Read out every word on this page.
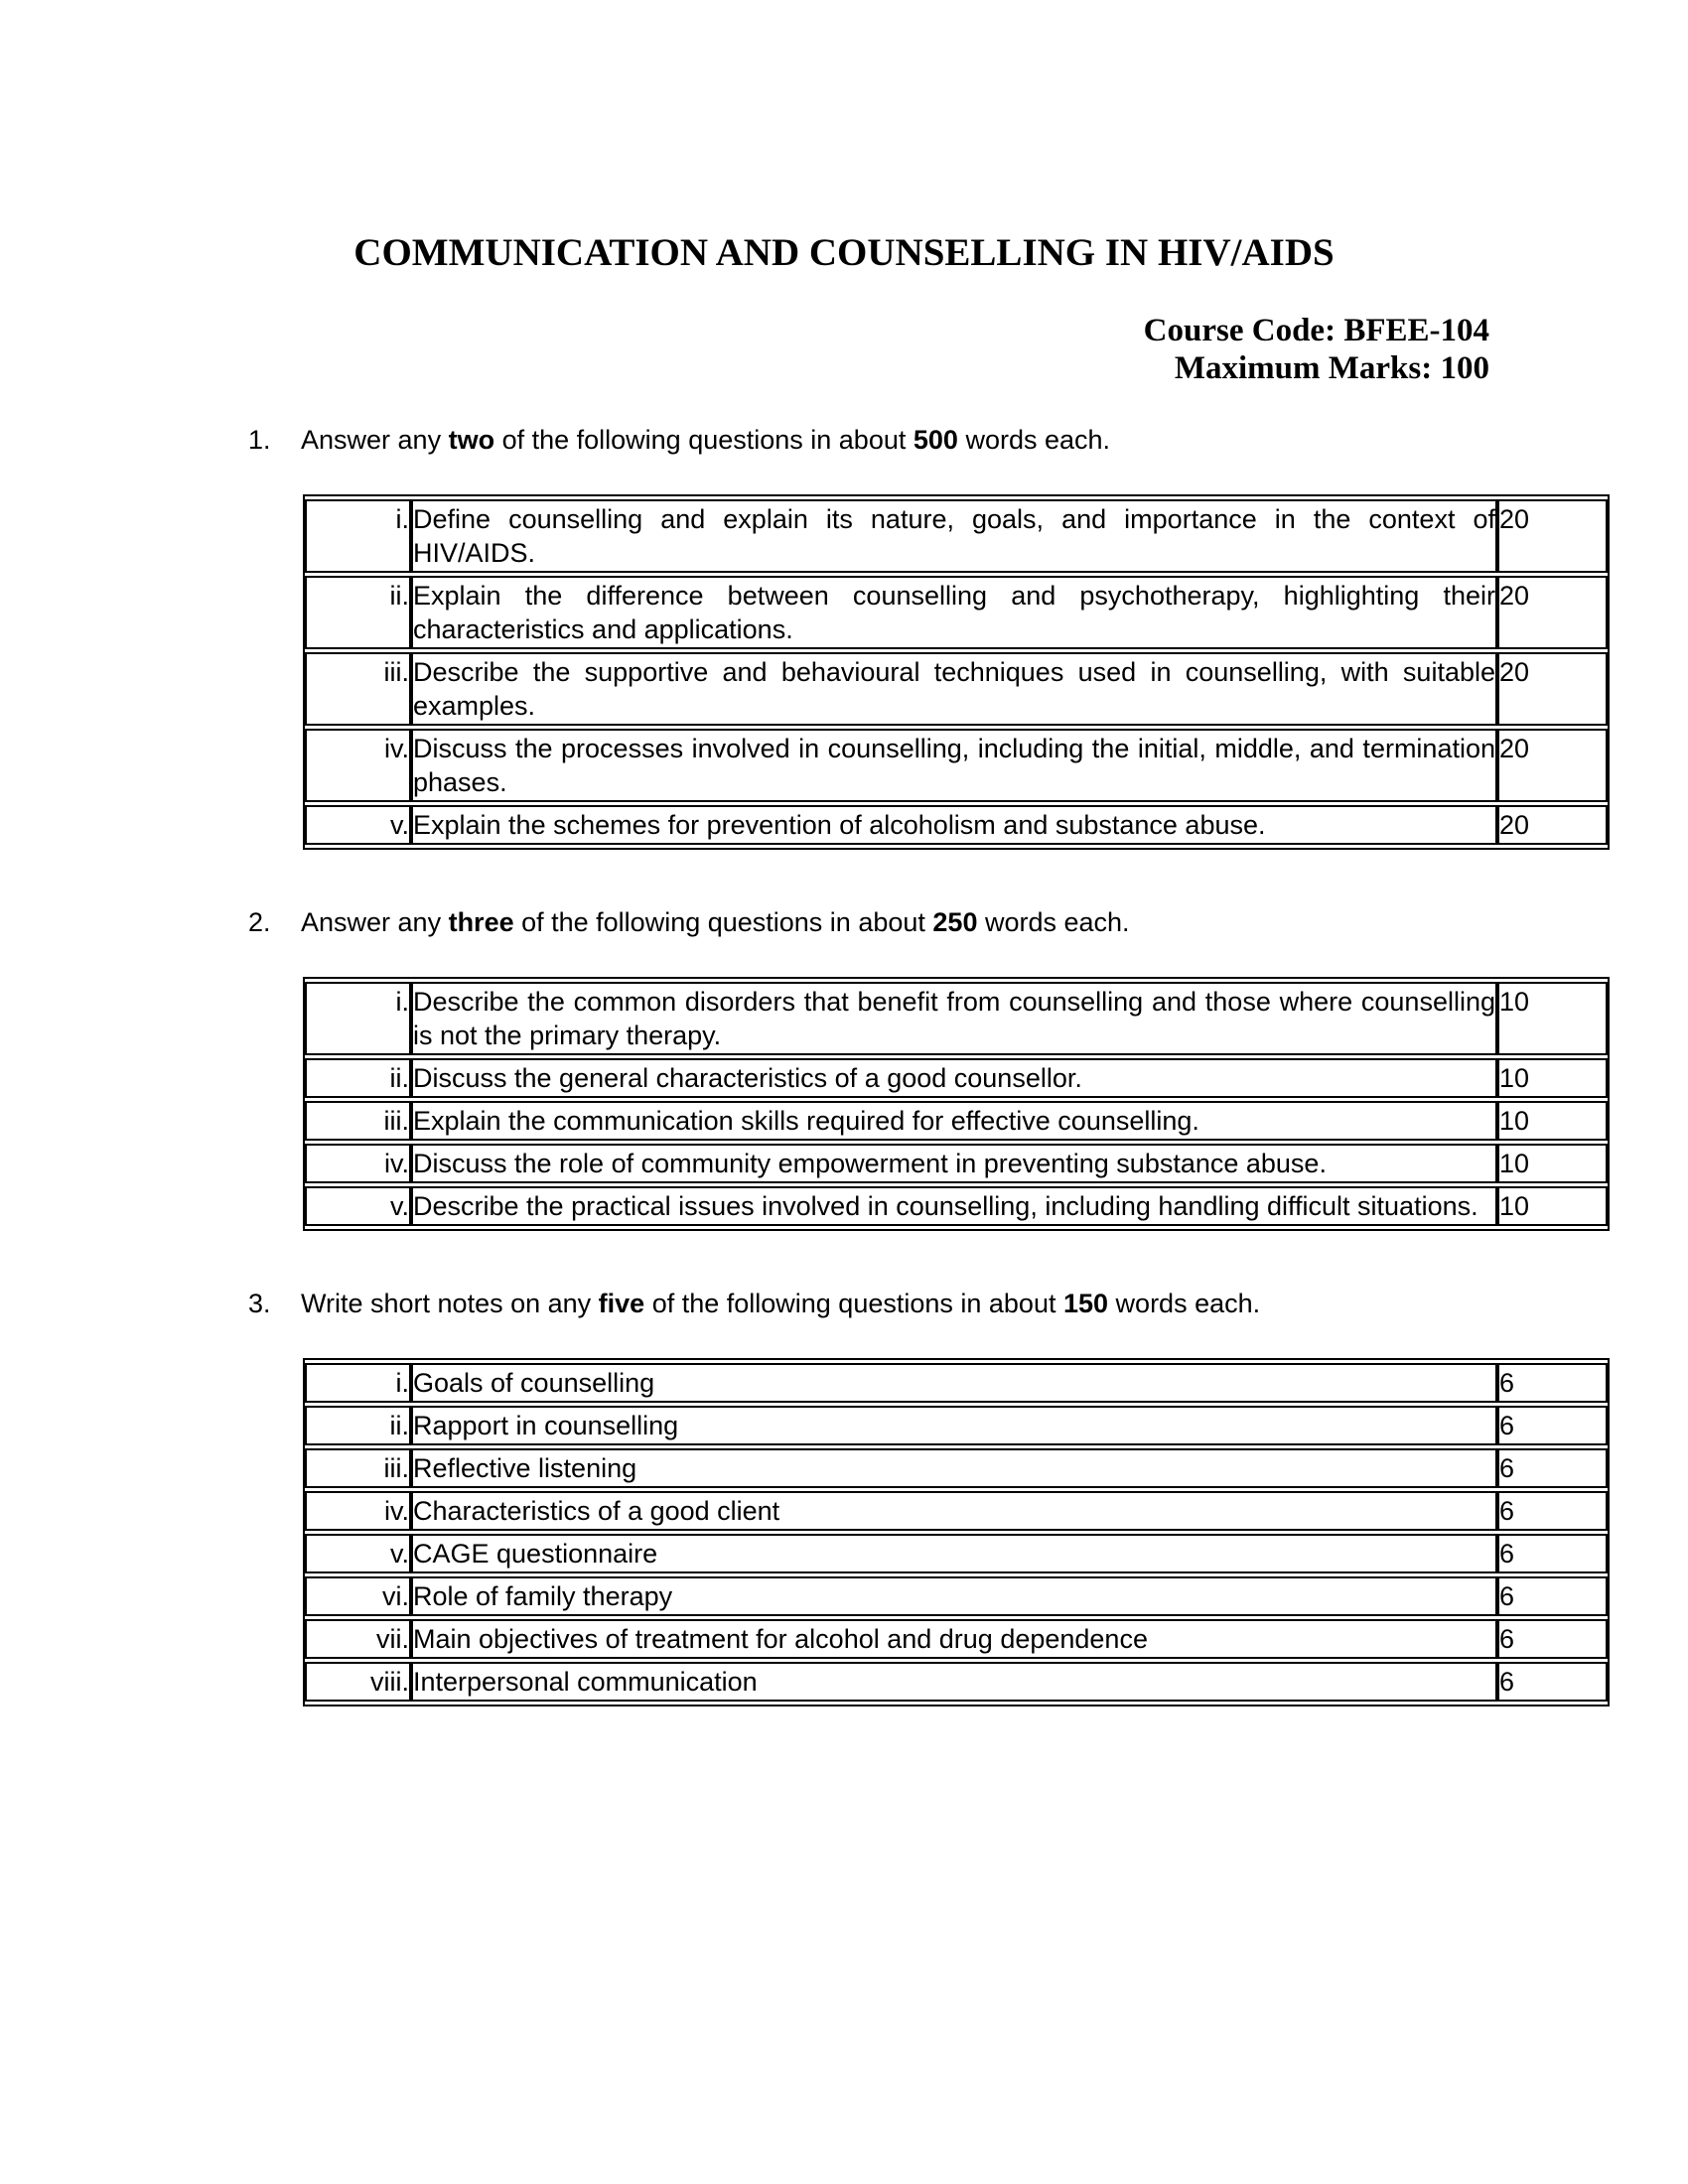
COMMUNICATION AND COUNSELLING IN HIV/AIDS
Course Code: BFEE-104
Maximum Marks: 100
1.	Answer any two of the following questions in about 500 words each.
i.	Define counselling and explain its nature, goals, and importance in the context of HIV/AIDS.	20
ii.	Explain the difference between counselling and psychotherapy, highlighting their characteristics and applications.	20
iii.	Describe the supportive and behavioural techniques used in counselling, with suitable examples.	20
iv.	Discuss the processes involved in counselling, including the initial, middle, and termination phases.	20
v.	Explain the schemes for prevention of alcoholism and substance abuse.	20
2.	Answer any three of the following questions in about 250 words each.
i.	Describe the common disorders that benefit from counselling and those where counselling is not the primary therapy.	10
ii.	Discuss the general characteristics of a good counsellor.	10
iii.	Explain the communication skills required for effective counselling.	10
iv.	Discuss the role of community empowerment in preventing substance abuse.	10
v.	Describe the practical issues involved in counselling, including handling difficult situations.	10
3.	Write short notes on any five of the following questions in about 150 words each.
i.	Goals of counselling	6
ii.	Rapport in counselling	6
iii.	Reflective listening	6
iv.	Characteristics of a good client	6
v.	CAGE questionnaire	6
vi.	Role of family therapy	6
vii.	Main objectives of treatment for alcohol and drug dependence	6
viii.	Interpersonal communication	6
